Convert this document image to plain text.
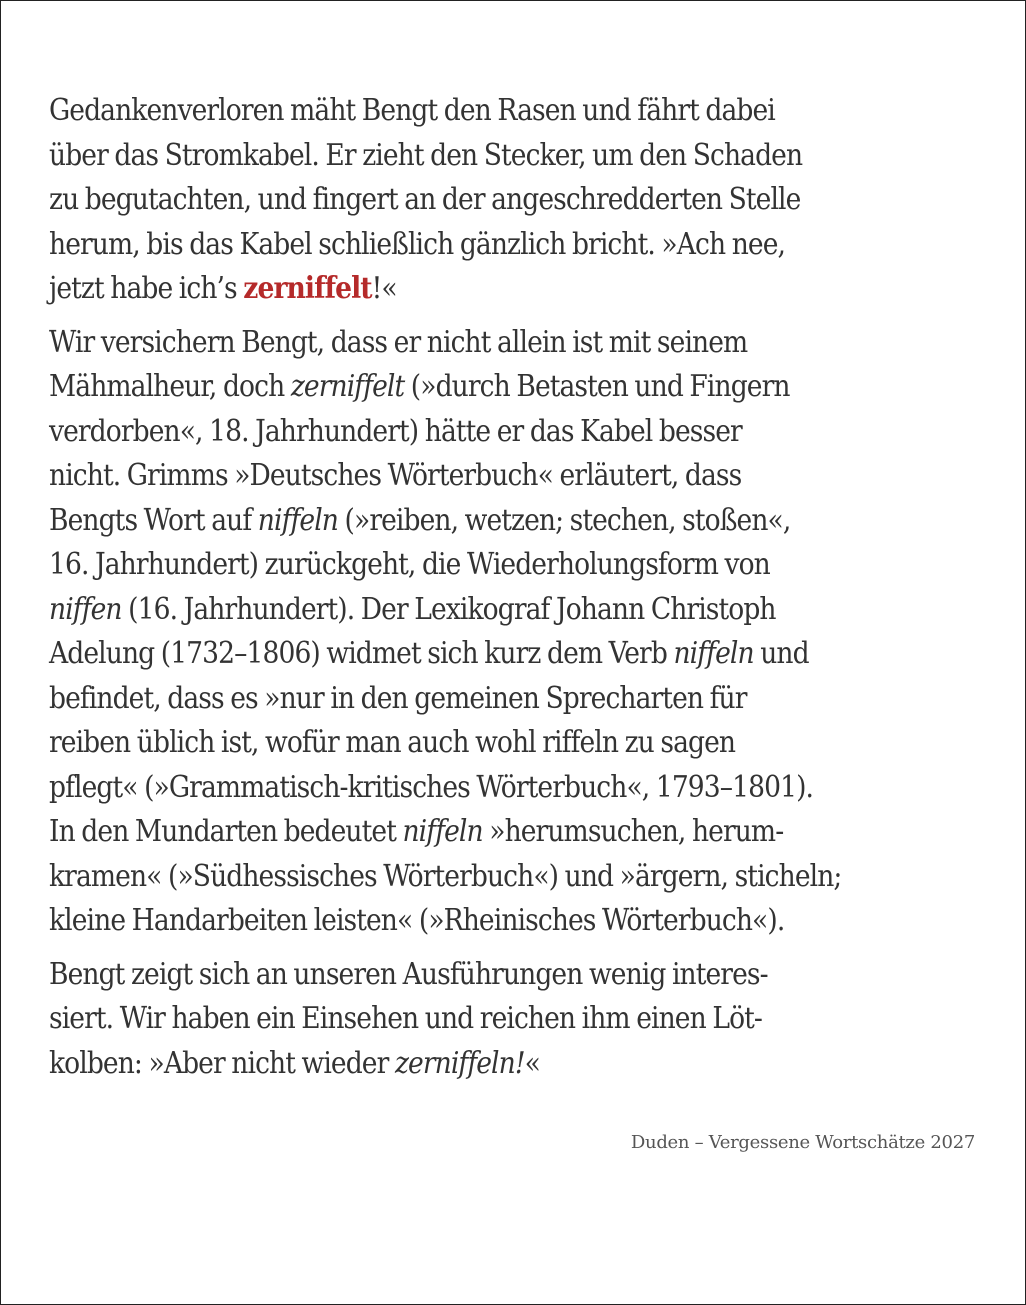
Gedankenverloren mäht Bengt den Rasen und fährt dabei
über das Stromkabel. Er zieht den Stecker, um den Schaden
zu begutachten, und fingert an der angeschredderten Stelle
herum, bis das Kabel schließlich gänzlich bricht. »Ach nee,
jetzt habe ich’s zerniffelt!«

Wir versichern Bengt, dass er nicht allein ist mit seinem
Mähmalheur, doch zerniffelt (»durch Betasten und Fingern
verdorben«, 18. Jahrhundert) hätte er das Kabel besser
nicht. Grimms »Deutsches Wörterbuch« erläutert, dass
Bengts Wort auf niffeln (»reiben, wetzen; stechen, stoßen«,
16. Jahrhundert) zurückgeht, die Wiederholungsform von
niffen (16. Jahrhundert). Der Lexikograf Johann Christoph
Adelung (1732–1806) widmet sich kurz dem Verb niffeln und
befindet, dass es »nur in den gemeinen Sprecharten für
reiben üblich ist, wofür man auch wohl riffeln zu sagen
pflegt« (»Grammatisch-kritisches Wörterbuch«, 1793–1801).
In den Mundarten bedeutet niffeln »herumsuchen, herum-
kramen« (»Südhessisches Wörterbuch«) und »ärgern, sticheln;
kleine Handarbeiten leisten« (»Rheinisches Wörterbuch«).

Bengt zeigt sich an unseren Ausführungen wenig interes-
siert. Wir haben ein Einsehen und reichen ihm einen Löt-
kolben: »Aber nicht wieder zerniffeln!«

Duden – Vergessene Wortschätze 2027
